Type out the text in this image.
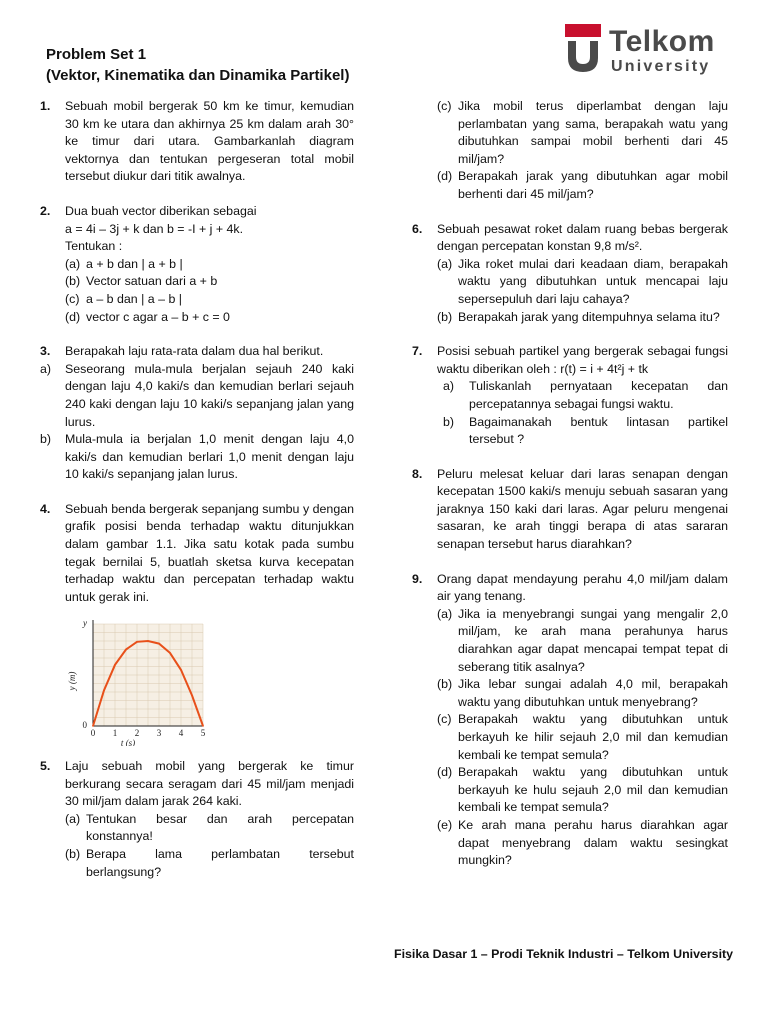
Problem Set 1
(Vektor, Kinematika dan Dinamika Partikel)
Telkom
University
1. Sebuah mobil bergerak 50 km ke timur, kemudian 30 km ke utara dan akhirnya 25 km dalam arah 30° ke timur dari utara. Gambarkanlah diagram vektornya dan tentukan pergeseran total mobil tersebut diukur dari titik awalnya.
2. Dua buah vector diberikan sebagai
a = 4i – 3j + k dan b = -I + j + 4k.
Tentukan :
(a) a + b dan | a + b |
(b) Vector satuan dari a + b
(c) a – b dan | a – b |
(d) vector c agar a – b + c = 0
3. Berapakah laju rata-rata dalam dua hal berikut.
a) Seseorang mula-mula berjalan sejauh 240 kaki dengan laju 4,0 kaki/s dan kemudian berlari sejauh 240 kaki dengan laju 10 kaki/s sepanjang jalan yang lurus.
b) Mula-mula ia berjalan 1,0 menit dengan laju 4,0 kaki/s dan kemudian berlari 1,0 menit dengan laju 10 kaki/s sepanjang jalan lurus.
4. Sebuah benda bergerak sepanjang sumbu y dengan grafik posisi benda terhadap waktu ditunjukkan dalam gambar 1.1. Jika satu kotak pada sumbu tegak bernilai 5, buatlah sketsa kurva kecepatan terhadap waktu dan percepatan terhadap waktu untuk gerak ini.
0 1 2 3 4 5
0
y
t (s)
y (m)
5. Laju sebuah mobil yang bergerak ke timur berkurang secara seragam dari 45 mil/jam menjadi 30 mil/jam dalam jarak 264 kaki.
(a) Tentukan besar dan arah percepatan konstannya!
(b) Berapa lama perlambatan tersebut berlangsung?
(c) Jika mobil terus diperlambat dengan laju perlambatan yang sama, berapakah watu yang dibutuhkan sampai mobil berhenti dari 45 mil/jam?
(d) Berapakah jarak yang dibutuhkan agar mobil berhenti dari 45 mil/jam?
6. Sebuah pesawat roket dalam ruang bebas bergerak dengan percepatan konstan 9,8 m/s².
(a) Jika roket mulai dari keadaan diam, berapakah waktu yang dibutuhkan untuk mencapai laju sepersepuluh dari laju cahaya?
(b) Berapakah jarak yang ditempuhnya selama itu?
7. Posisi sebuah partikel yang bergerak sebagai fungsi waktu diberikan oleh : r(t) = i + 4t²j + tk
a) Tuliskanlah pernyataan kecepatan dan percepatannya sebagai fungsi waktu.
b) Bagaimanakah bentuk lintasan partikel tersebut ?
8. Peluru melesat keluar dari laras senapan dengan kecepatan 1500 kaki/s menuju sebuah sasaran yang jaraknya 150 kaki dari laras. Agar peluru mengenai sasaran, ke arah tinggi berapa di atas sararan senapan tersebut harus diarahkan?
9. Orang dapat mendayung perahu 4,0 mil/jam dalam air yang tenang.
(a) Jika ia menyebrangi sungai yang mengalir 2,0 mil/jam, ke arah mana perahunya harus diarahkan agar dapat mencapai tempat tepat di seberang titik asalnya?
(b) Jika lebar sungai adalah 4,0 mil, berapakah waktu yang dibutuhkan untuk menyebrang?
(c) Berapakah waktu yang dibutuhkan untuk berkayuh ke hilir sejauh 2,0 mil dan kemudian kembali ke tempat semula?
(d) Berapakah waktu yang dibutuhkan untuk berkayuh ke hulu sejauh 2,0 mil dan kemudian kembali ke tempat semula?
(e) Ke arah mana perahu harus diarahkan agar dapat menyebrang dalam waktu sesingkat mungkin?
Fisika Dasar 1 – Prodi Teknik Industri – Telkom University
